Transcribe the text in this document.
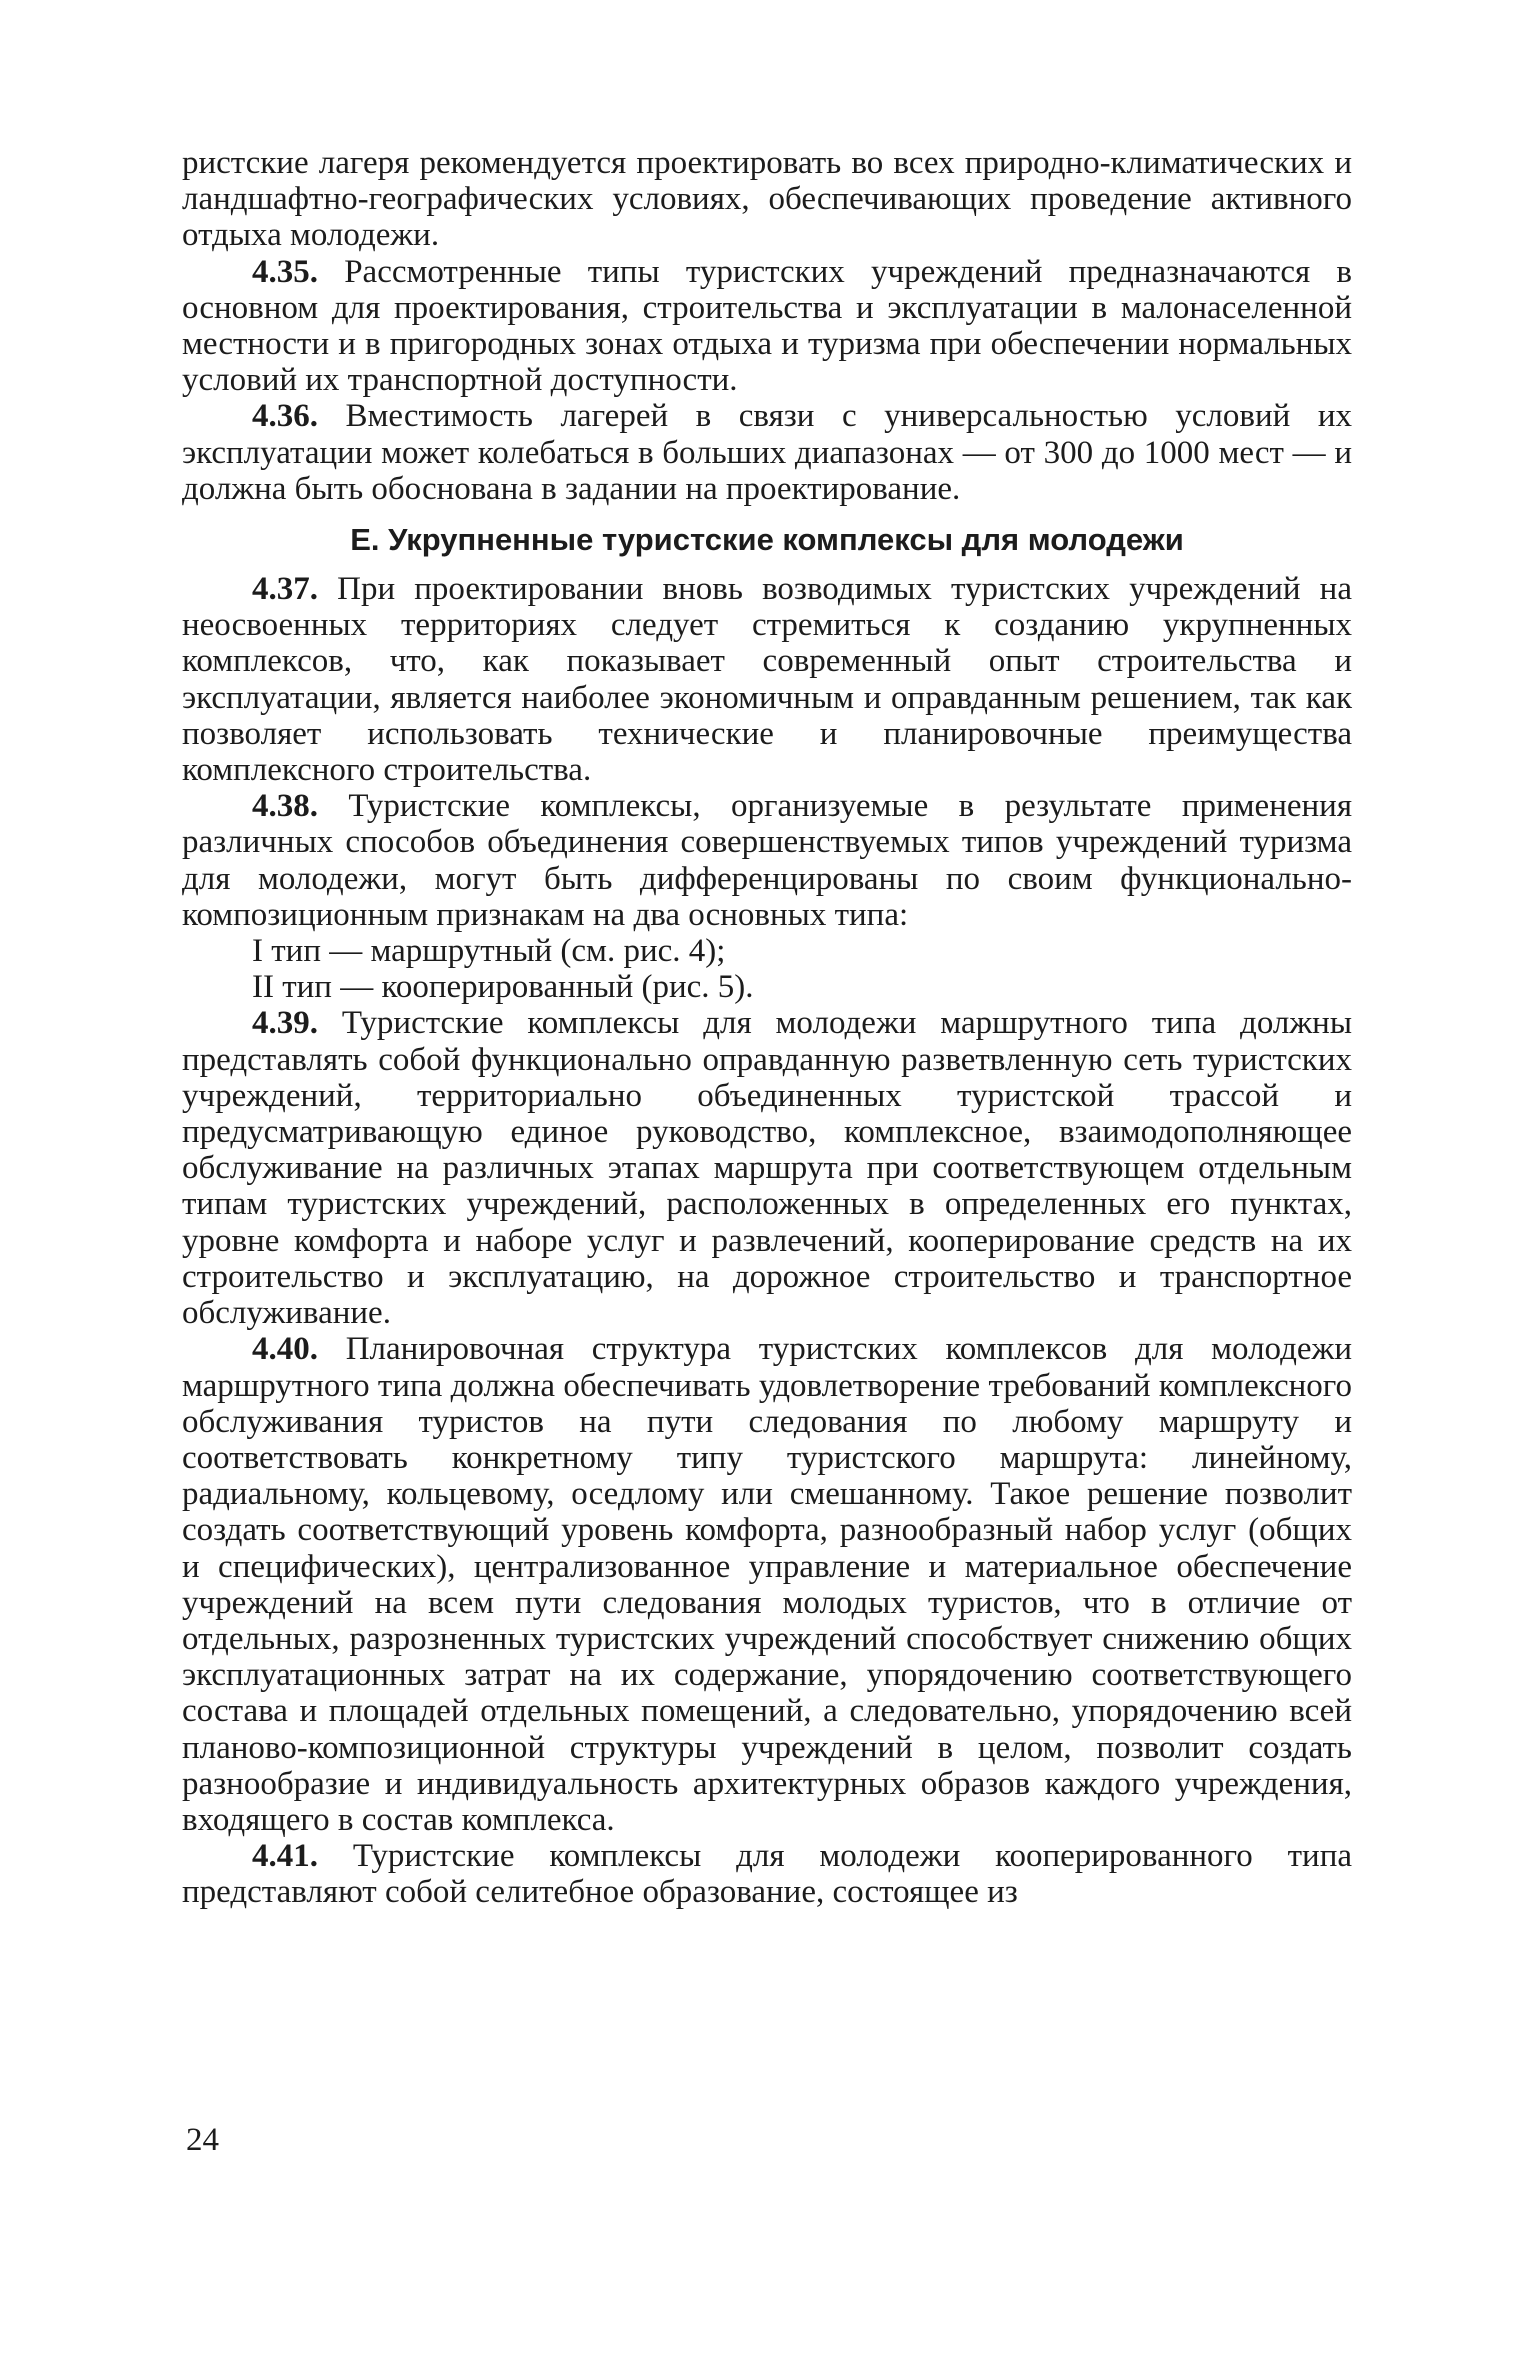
ристские лагеря рекомендуется проектировать во всех природно-климатических и ландшафтно-географических условиях, обеспечивающих проведение активного отдыха молодежи.

4.35. Рассмотренные типы туристских учреждений предназначаются в основном для проектирования, строительства и эксплуатации в малонаселенной местности и в пригородных зонах отдыха и туризма при обеспечении нормальных условий их транспортной доступности.

4.36. Вместимость лагерей в связи с универсальностью условий их эксплуатации может колебаться в больших диапазонах — от 300 до 1000 мест — и должна быть обоснована в задании на проектирование.

Е. Укрупненные туристские комплексы для молодежи

4.37. При проектировании вновь возводимых туристских учреждений на неосвоенных территориях следует стремиться к созданию укрупненных комплексов, что, как показывает современный опыт строительства и эксплуатации, является наиболее экономичным и оправданным решением, так как позволяет использовать технические и планировочные преимущества комплексного строительства.

4.38. Туристские комплексы, организуемые в результате применения различных способов объединения совершенствуемых типов учреждений туризма для молодежи, могут быть дифференцированы по своим функционально-композиционным признакам на два основных типа:

I тип — маршрутный (см. рис. 4);

II тип — кооперированный (рис. 5).

4.39. Туристские комплексы для молодежи маршрутного типа должны представлять собой функционально оправданную разветвленную сеть туристских учреждений, территориально объединенных туристской трассой и предусматривающую единое руководство, комплексное, взаимодополняющее обслуживание на различных этапах маршрута при соответствующем отдельным типам туристских учреждений, расположенных в определенных его пунктах, уровне комфорта и наборе услуг и развлечений, кооперирование средств на их строительство и эксплуатацию, на дорожное строительство и транспортное обслуживание.

4.40. Планировочная структура туристских комплексов для молодежи маршрутного типа должна обеспечивать удовлетворение требований комплексного обслуживания туристов на пути следования по любому маршруту и соответствовать конкретному типу туристского маршрута: линейному, радиальному, кольцевому, оседлому или смешанному. Такое решение позволит создать соответствующий уровень комфорта, разнообразный набор услуг (общих и специфических), централизованное управление и материальное обеспечение учреждений на всем пути следования молодых туристов, что в отличие от отдельных, разрозненных туристских учреждений способствует снижению общих эксплуатационных затрат на их содержание, упорядочению соответствующего состава и площадей отдельных помещений, а следовательно, упорядочению всей планово-композиционной структуры учреждений в целом, позволит создать разнообразие и индивидуальность архитектурных образов каждого учреждения, входящего в состав комплекса.

4.41. Туристские комплексы для молодежи кооперированного типа представляют собой селитебное образование, состоящее из

24
